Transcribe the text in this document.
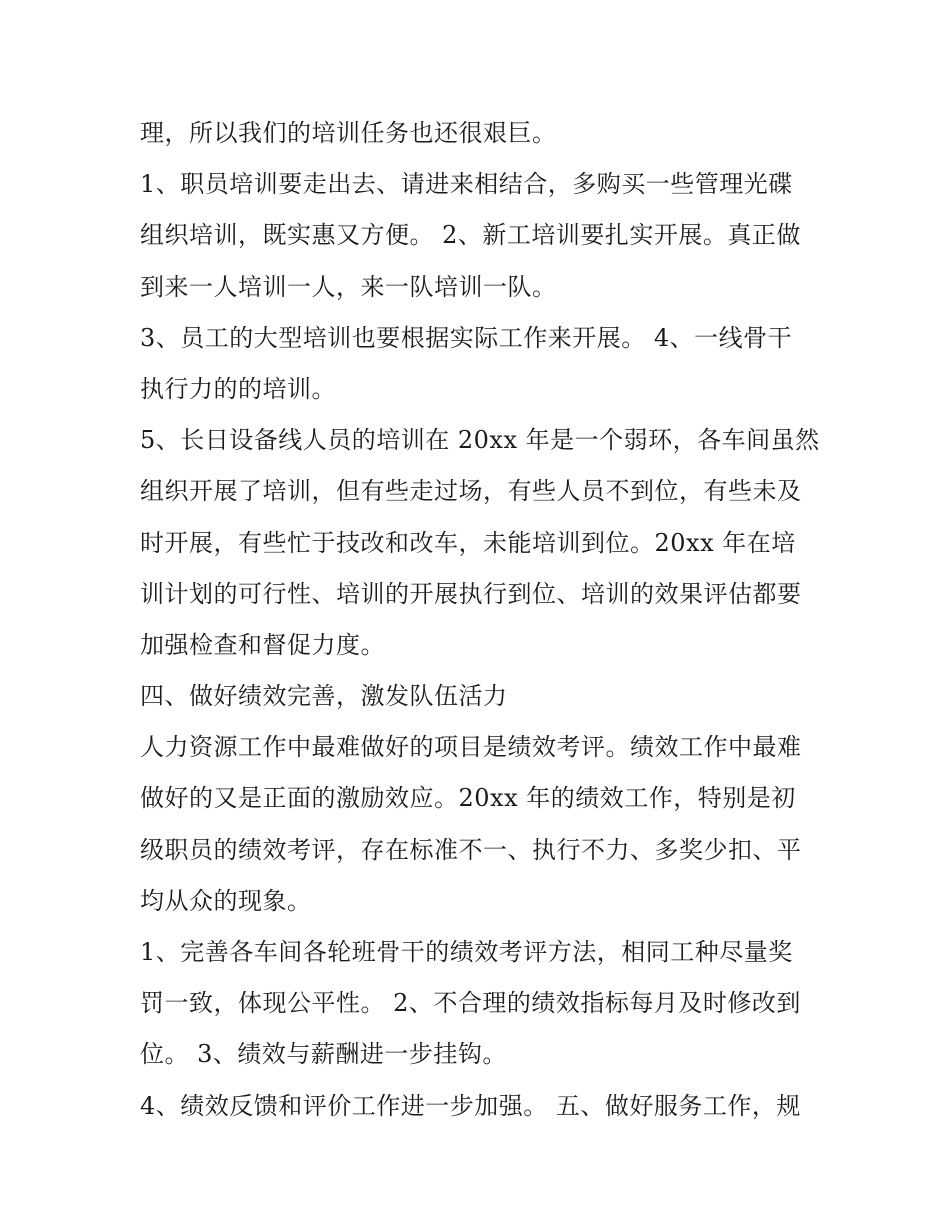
理，所以我们的培训任务也还很艰巨。
1、职员培训要走出去、请进来相结合，多购买一些管理光碟
组织培训，既实惠又方便。 2、新工培训要扎实开展。真正做
到来一人培训一人，来一队培训一队。
3、员工的大型培训也要根据实际工作来开展。 4、一线骨干
执行力的的培训。
5、长日设备线人员的培训在 20xx 年是一个弱环，各车间虽然
组织开展了培训，但有些走过场，有些人员不到位，有些未及
时开展，有些忙于技改和改车，未能培训到位。20xx 年在培
训计划的可行性、培训的开展执行到位、培训的效果评估都要
加强检查和督促力度。
四、做好绩效完善，激发队伍活力
人力资源工作中最难做好的项目是绩效考评。绩效工作中最难
做好的又是正面的激励效应。20xx 年的绩效工作，特别是初
级职员的绩效考评，存在标准不一、执行不力、多奖少扣、平
均从众的现象。
1、完善各车间各轮班骨干的绩效考评方法，相同工种尽量奖
罚一致，体现公平性。 2、不合理的绩效指标每月及时修改到
位。 3、绩效与薪酬进一步挂钩。
4、绩效反馈和评价工作进一步加强。 五、做好服务工作，规
